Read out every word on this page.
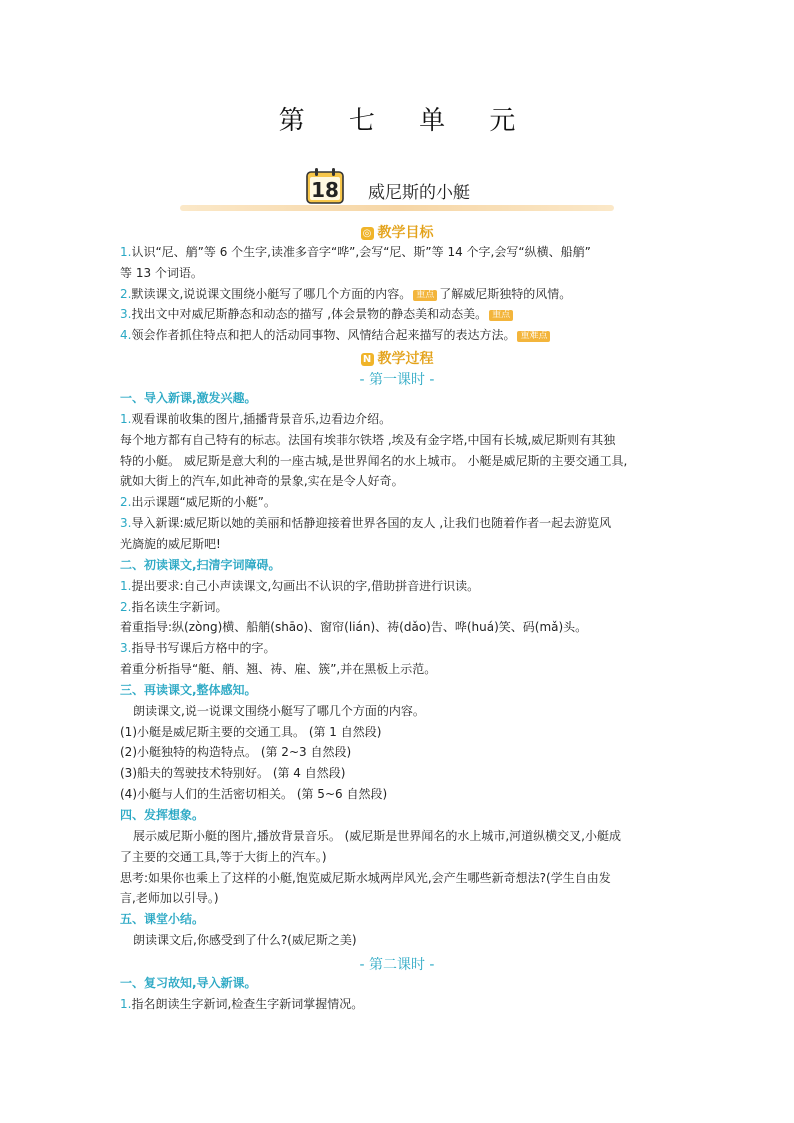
第 七 单 元
18 威尼斯的小艇
◎ 教学目标
1.认识“尼、艄”等 6 个生字,读准多音字“哗”,会写“尼、斯”等 14 个字,会写“纵横、船艄”
等 13 个词语。
2.默读课文,说说课文围绕小艇写了哪几个方面的内容。 重点 了解威尼斯独特的风情。
3.找出文中对威尼斯静态和动态的描写 ,体会景物的静态美和动态美。 重点
4.领会作者抓住特点和把人的活动同事物、风情结合起来描写的表达方法。 重难点
N 教学过程
- 第一课时 -
一、导入新课,激发兴趣。
1.观看课前收集的图片,插播背景音乐,边看边介绍。
每个地方都有自己特有的标志。法国有埃菲尔铁塔 ,埃及有金字塔,中国有长城,威尼斯则有其独
特的小艇。 威尼斯是意大利的一座古城,是世界闻名的水上城市。 小艇是威尼斯的主要交通工具,
就如大街上的汽车,如此神奇的景象,实在是令人好奇。
2.出示课题“威尼斯的小艇”。
3.导入新课:威尼斯以她的美丽和恬静迎接着世界各国的友人 ,让我们也随着作者一起去游览风
光旖旎的威尼斯吧!
二、初读课文,扫清字词障碍。
1.提出要求:自己小声读课文,勾画出不认识的字,借助拼音进行识读。
2.指名读生字新词。
着重指导:纵(zòng)横、船艄(shāo)、窗帘(lián)、祷(dǎo)告、哗(huá)笑、码(mǎ)头。
3.指导书写课后方格中的字。
着重分析指导“艇、艄、翘、祷、雇、簇”,并在黑板上示范。
三、再读课文,整体感知。
朗读课文,说一说课文围绕小艇写了哪几个方面的内容。
(1)小艇是威尼斯主要的交通工具。 (第 1 自然段)
(2)小艇独特的构造特点。 (第 2~3 自然段)
(3)船夫的驾驶技术特别好。 (第 4 自然段)
(4)小艇与人们的生活密切相关。 (第 5~6 自然段)
四、发挥想象。
展示威尼斯小艇的图片,播放背景音乐。 (威尼斯是世界闻名的水上城市,河道纵横交叉,小艇成
了主要的交通工具,等于大街上的汽车。)
思考:如果你也乘上了这样的小艇,饱览威尼斯水城两岸风光,会产生哪些新奇想法?(学生自由发
言,老师加以引导。)
五、课堂小结。
朗读课文后,你感受到了什么?(威尼斯之美)
- 第二课时 -
一、复习故知,导入新课。
1.指名朗读生字新词,检查生字新词掌握情况。
